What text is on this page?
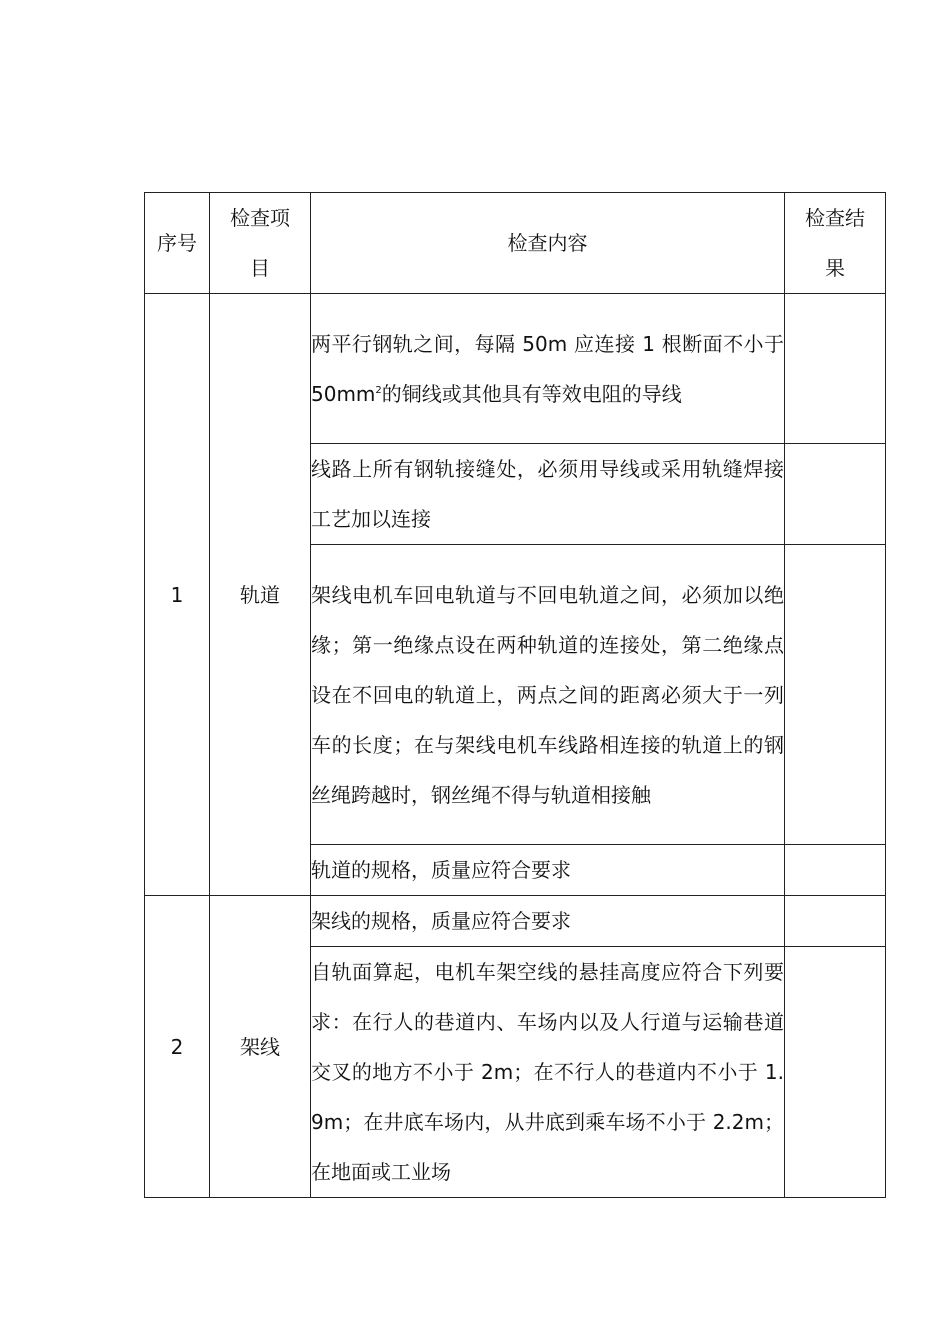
序号	检查项目	检查内容	检查结果
1	轨道	两平行钢轨之间，每隔 50m 应连接 1 根断面不小于 $50mm^2$的铜线或其他具有等效电阻的导线	
		线路上所有钢轨接缝处，必须用导线或采用轨缝焊接工艺加以连接	
		架线电机车回电轨道与不回电轨道之间，必须加以绝缘；第一绝缘点设在两种轨道的连接处，第二绝缘点设在不回电的轨道上，两点之间的距离必须大于一列车的长度；在与架线电机车线路相连接的轨道上的钢丝绳跨越时，钢丝绳不得与轨道相接触	
		轨道的规格，质量应符合要求	
2	架线	架线的规格，质量应符合要求	
		自轨面算起，电机车架空线的悬挂高度应符合下列要求：在行人的巷道内、车场内以及人行道与运输巷道交叉的地方不小于 2m；在不行人的巷道内不小于 1.9m；在井底车场内，从井底到乘车场不小于 2.2m；在地面或工业场	
